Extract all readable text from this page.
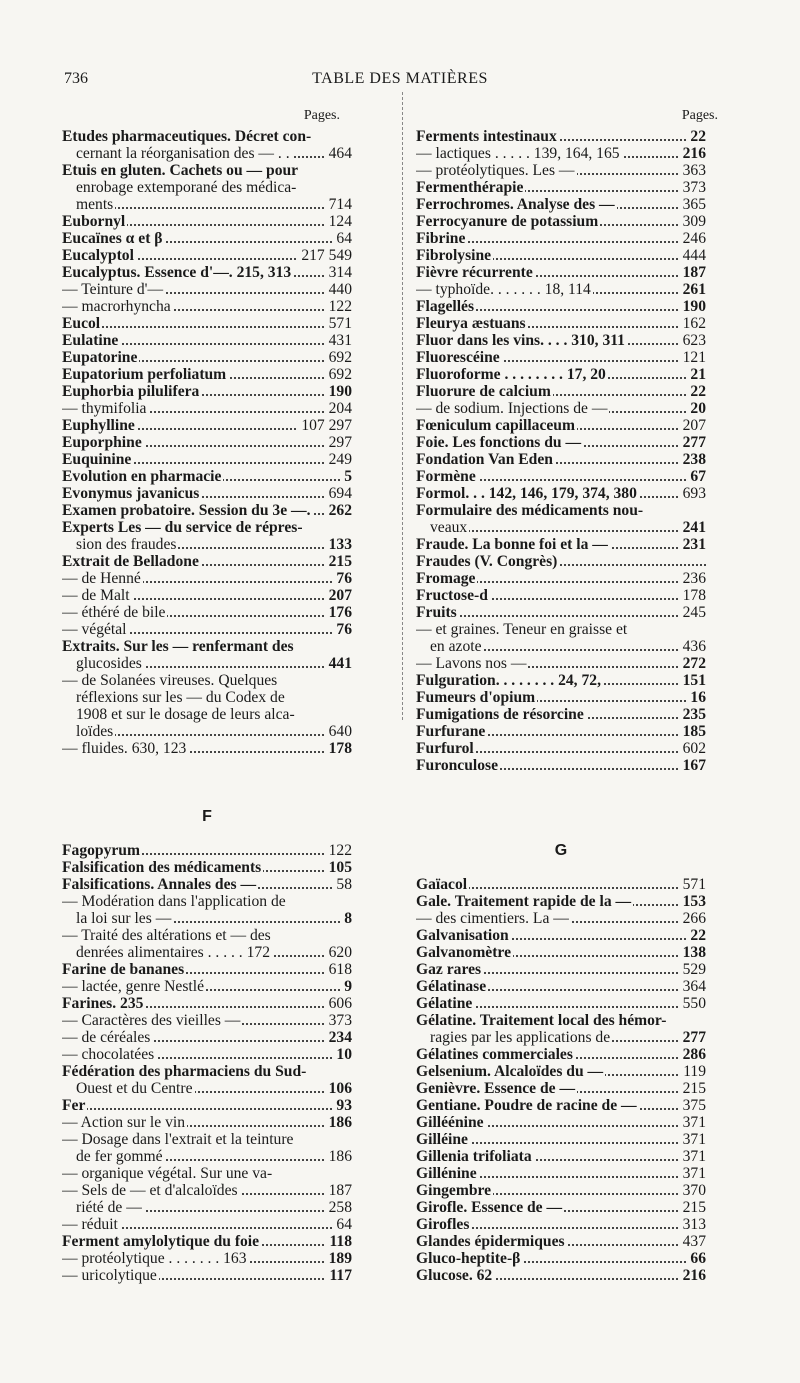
736	TABLE DES MATIÈRES
Pages.
Etudes pharmaceutiques. Décret con-
cernant la réorganisation des — . . 464
Etuis en gluten. Cachets ou — pour
enrobage extemporané des médica-
ments	714
Eubornyl	124
Eucaïnes α et β	64
Eucalyptol	217 549
Eucalyptus. Essence d'—. 215, 313 314
— Teinture d'—	440
— macrorhyncha	122
Eucol	571
Eulatine	431
Eupatorine	692
Eupatorium perfoliatum	692
Euphorbia pilulifera	190
— thymifolia	204
Euphylline	107 297
Euporphine	297
Euquinine	249
Evolution en pharmacie	5
Evonymus javanicus	694
Examen probatoire. Session du 3e —. 262
Experts Les — du service de répres-
sion des fraudes	133
Extrait de Belladone	215
— de Henné	76
— de Malt	207
— éthéré de bile	176
— végétal	76
Extraits. Sur les — renfermant des
glucosides	441
— de Solanées vireuses. Quelques
réflexions sur les — du Codex de
1908 et sur le dosage de leurs alca-
loïdes	640
— fluides. 630, 123	178
F
Fagopyrum	122
Falsification des médicaments	105
Falsifications. Annales des —	58
— Modération dans l'application de
la loi sur les —	8
— Traité des altérations et — des
denrées alimentaires . . . . . 172	620
Farine de bananes	618
— lactée, genre Nestlé	9
Farines. 235	606
— Caractères des vieilles —	373
— de céréales	234
— chocolatées	10
Fédération des pharmaciens du Sud-
Ouest et du Centre	106
Fer	93
— Action sur le vin	186
— Dosage dans l'extrait et la teinture
de fer gommé	186
— organique végétal. Sur une va-
— Sels de — et d'alcaloïdes	187
riété de —	258
— réduit	64
Ferment amylolytique du foie	118
— protéolytique . . . . . . . 163	189
— uricolytique	117
Pages.
Ferments intestinaux	22
— lactiques . . . . . 139, 164, 165	216
— protéolytiques. Les —	363
Fermenthérapie	373
Ferrochromes. Analyse des —	365
Ferrocyanure de potassium	309
Fibrine	246
Fibrolysine	444
Fièvre récurrente	187
— typhoïde. . . . . . . 18, 114	261
Flagellés	190
Fleurya æstuans	162
Fluor dans les vins. . . . 310, 311	623
Fluorescéine	121
Fluoroforme . . . . . . . . 17, 20	21
Fluorure de calcium	22
— de sodium. Injections de —	20
Fœniculum capillaceum	207
Foie. Les fonctions du —	277
Fondation Van Eden	238
Formène	67
Formol. . . 142, 146, 179, 374, 380	693
Formulaire des médicaments nou-
veaux	241
Fraude. La bonne foi et la —	231
Fraudes (V. Congrès)
Fromage	236
Fructose-d	178
Fruits	245
— et graines. Teneur en graisse et
en azote	436
— Lavons nos —	272
Fulguration. . . . . . . . 24, 72,	151
Fumeurs d'opium	16
Fumigations de résorcine	235
Furfurane	185
Furfurol	602
Furonculose	167
G
Gaïacol	571
Gale. Traitement rapide de la —	153
— des cimentiers. La —	266
Galvanisation	22
Galvanomètre	138
Gaz rares	529
Gélatinase	364
Gélatine	550
Gélatine. Traitement local des hémor-
ragies par les applications de	277
Gélatines commerciales	286
Gelsenium. Alcaloïdes du —	119
Genièvre. Essence de —	215
Gentiane. Poudre de racine de —	375
Gilléénine	371
Gilléine	371
Gillenia trifoliata	371
Gillénine	371
Gingembre	370
Girofle. Essence de —	215
Girofles	313
Glandes épidermiques	437
Gluco-heptite-β	66
Glucose. 62	216
